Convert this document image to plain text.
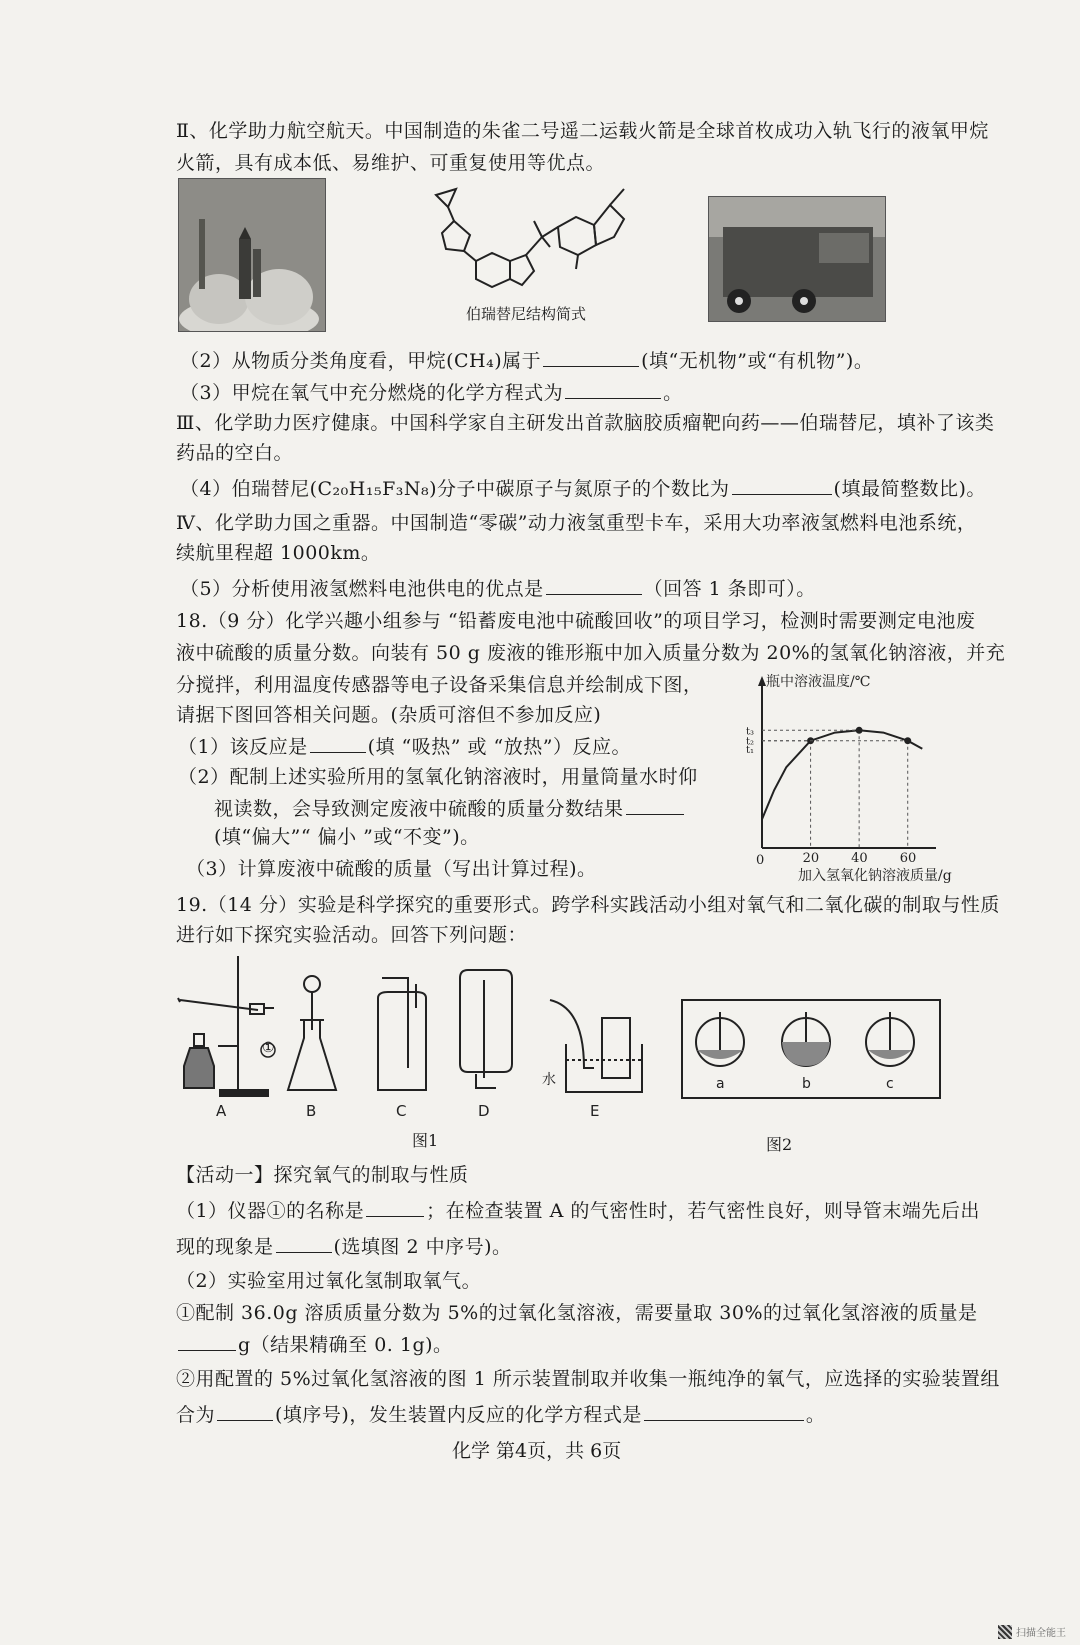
Ⅱ、化学助力航空航天。中国制造的朱雀二号遥二运载火箭是全球首枚成功入轨飞行的液氧甲烷
火箭，具有成本低、易维护、可重复使用等优点。
伯瑞替尼结构简式
（2）从物质分类角度看，甲烷(CH₄)属于	(填“无机物”或“有机物”)。
（3）甲烷在氧气中充分燃烧的化学方程式为	。
Ⅲ、化学助力医疗健康。中国科学家自主研发出首款脑胶质瘤靶向药——伯瑞替尼，填补了该类
药品的空白。
（4）伯瑞替尼(C₂₀H₁₅F₃N₈)分子中碳原子与氮原子的个数比为	(填最简整数比)。
Ⅳ、化学助力国之重器。中国制造“零碳”动力液氢重型卡车，采用大功率液氢燃料电池系统，
续航里程超 1000km。
（5）分析使用液氢燃料电池供电的优点是	（回答 1 条即可）。
18.（9 分）化学兴趣小组参与 “铅蓄废电池中硫酸回收”的项目学习，检测时需要测定电池废
液中硫酸的质量分数。向装有 50 g 废液的锥形瓶中加入质量分数为 20%的氢氧化钠溶液，并充
分搅拌，利用温度传感器等电子设备采集信息并绘制成下图，
请据下图回答相关问题。(杂质可溶但不参加反应)
（1）该反应是	(填 “吸热” 或 “放热”）反应。
（2）配制上述实验所用的氢氧化钠溶液时，用量筒量水时仰
视读数，会导致测定废液中硫酸的质量分数结果
(填“偏大”“ 偏小 ”或“不变”)。
（3）计算废液中硫酸的质量（写出计算过程)。
瓶中溶液温度/℃
0
加入氢氧化钠溶液质量/g
20 40 60
t₃
t₂
t₁
19.（14 分）实验是科学探究的重要形式。跨学科实践活动小组对氧气和二氧化碳的制取与性质
进行如下探究实验活动。回答下列问题：
①
水
A	B	C	D	E
图1
a	b	c
图2
【活动一】探究氧气的制取与性质
（1）仪器①的名称是	；在检查装置 A 的气密性时，若气密性良好，则导管末端先后出
现的现象是	(选填图 2 中序号)。
（2）实验室用过氧化氢制取氧气。
①配制 36.0g 溶质质量分数为 5%的过氧化氢溶液，需要量取 30%的过氧化氢溶液的质量是
g（结果精确至 0. 1g)。
②用配置的 5%过氧化氢溶液的图 1 所示装置制取并收集一瓶纯净的氧气，应选择的实验装置组
合为	(填序号)，发生装置内反应的化学方程式是	。
化学 第4页，共 6页
扫描全能王
